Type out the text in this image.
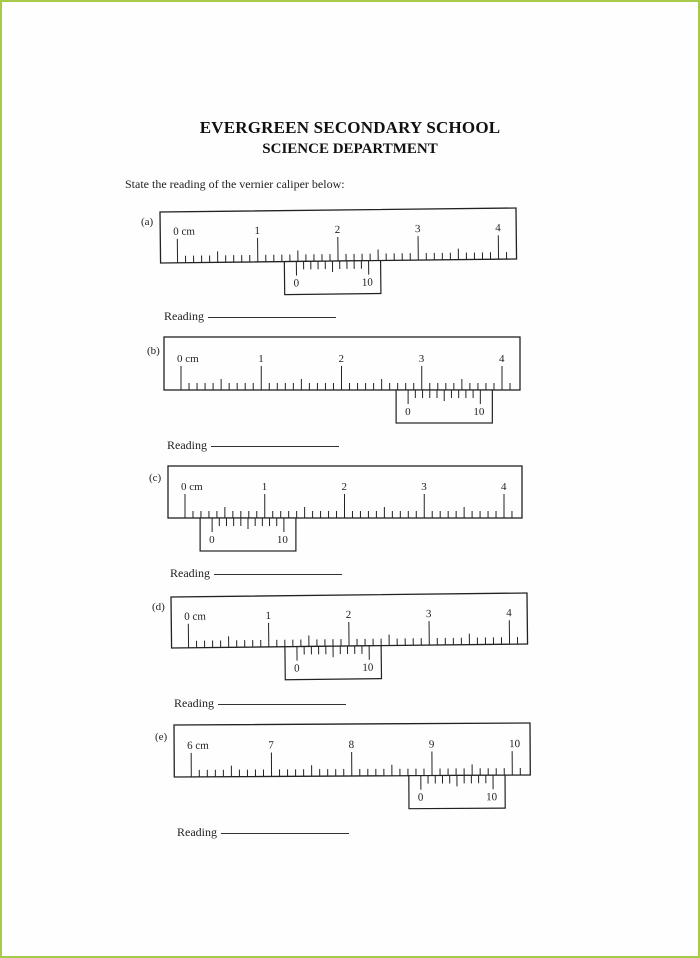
EVERGREEN SECONDARY SCHOOL
SCIENCE DEPARTMENT
State the reading of the vernier caliper below:
(a)
0 cm	1	2	3	4
0	10
Reading
(b)
0 cm	1	2	3	4
0	10
Reading
(c)
0 cm	1	2	3	4
0	10
Reading
(d)
0 cm	1	2	3	4
0	10
Reading
(e)
6 cm	7	8	9	10
0	10
Reading
